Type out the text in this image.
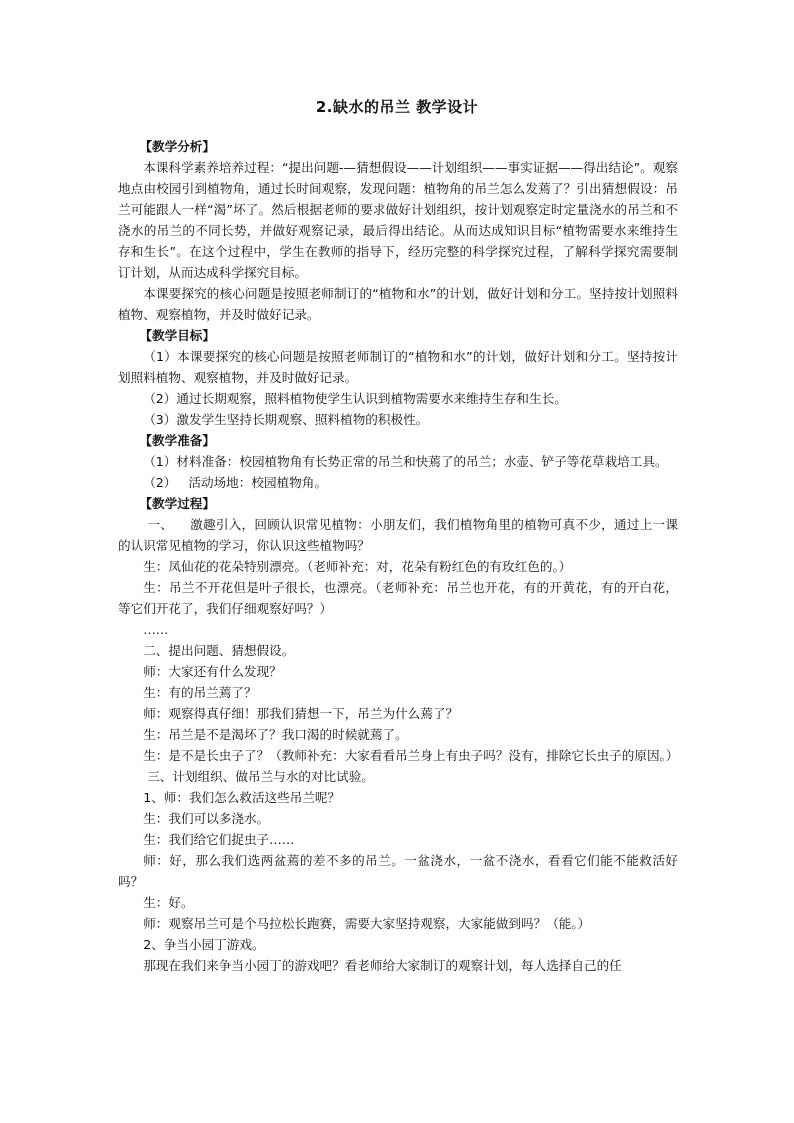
2.缺水的吊兰 教学设计

【教学分析】

本课科学素养培养过程：“提出问题-—猜想假设——计划组织——事实证据——得出结论”。观察地点由校园引到植物角，通过长时间观察，发现问题：植物角的吊兰怎么发蔫了？引出猜想假设：吊兰可能跟人一样“渴”坏了。然后根据老师的要求做好计划组织，按计划观察定时定量浇水的吊兰和不浇水的吊兰的不同长势，并做好观察记录，最后得出结论。从而达成知识目标“植物需要水来维持生存和生长”。在这个过程中，学生在教师的指导下，经历完整的科学探究过程，了解科学探究需要制订计划，从而达成科学探究目标。

本课要探究的核心问题是按照老师制订的“植物和水”的计划，做好计划和分工。坚持按计划照料植物、观察植物，并及时做好记录。

【教学目标】

（1）本课要探究的核心问题是按照老师制订的“植物和水”的计划，做好计划和分工。坚持按计划照料植物、观察植物，并及时做好记录。

（2）通过长期观察，照料植物使学生认识到植物需要水来维持生存和生长。

（3）激发学生坚持长期观察、照料植物的积极性。

【教学准备】

（1）材料准备：校园植物角有长势正常的吊兰和快蔫了的吊兰；水壶、铲子等花草栽培工具。

（2）   活动场地：校园植物角。

【教学过程】

一、    激趣引入，回顾认识常见植物：小朋友们，我们植物角里的植物可真不少，通过上一课的认识常见植物的学习，你认识这些植物吗？

生：凤仙花的花朵特别漂亮。（老师补充：对，花朵有粉红色的有玫红色的。）

生：吊兰不开花但是叶子很长，也漂亮。（老师补充：吊兰也开花，有的开黄花，有的开白花，等它们开花了，我们仔细观察好吗？）

……

二、提出问题、猜想假设。

师：大家还有什么发现？

生：有的吊兰蔫了？

师：观察得真仔细！那我们猜想一下，吊兰为什么蔫了？

生：吊兰是不是渴坏了？我口渴的时候就蔫了。

生：是不是长虫子了？（教师补充：大家看看吊兰身上有虫子吗？没有，排除它长虫子的原因。）

三、计划组织、做吊兰与水的对比试验。

1、师：我们怎么救活这些吊兰呢？

生：我们可以多浇水。

生：我们给它们捉虫子……

师：好，那么我们选两盆蔫的差不多的吊兰。一盆浇水，一盆不浇水，看看它们能不能救活好吗？

生：好。

师：观察吊兰可是个马拉松长跑赛，需要大家坚持观察，大家能做到吗？（能。）

2、争当小园丁游戏。

那现在我们来争当小园丁的游戏吧？看老师给大家制订的观察计划，每人选择自己的任
